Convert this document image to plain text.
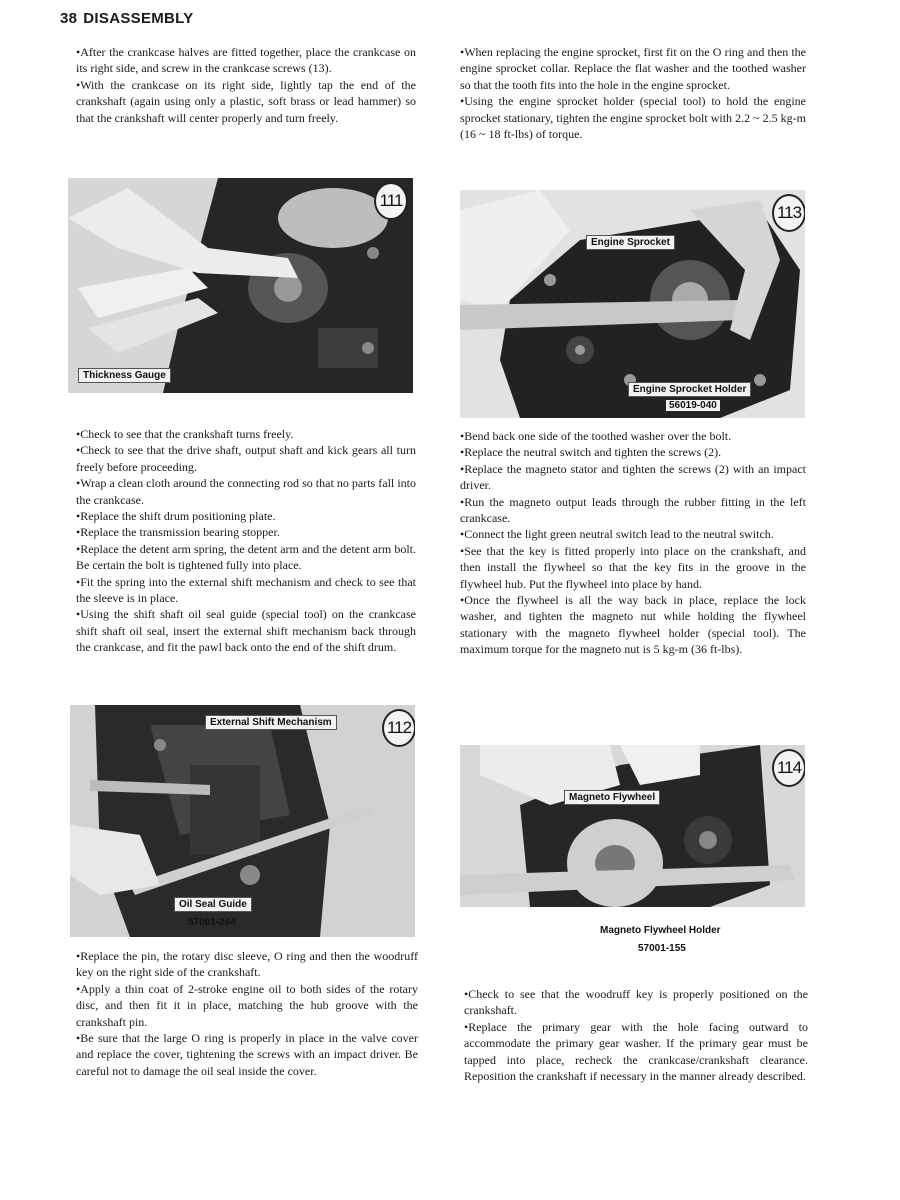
38 DISASSEMBLY

•After the crankcase halves are fitted together, place the crankcase on its right side, and screw in the crankcase screws (13).

•With the crankcase on its right side, lightly tap the end of the crankshaft (again using only a plastic, soft brass or lead hammer) so that the crankshaft will center properly and turn freely.

Thickness Gauge
111

•Check to see that the crankshaft turns freely.

•Check to see that the drive shaft, output shaft and kick gears all turn freely before proceeding.

•Wrap a clean cloth around the connecting rod so that no parts fall into the crankcase.

•Replace the shift drum positioning plate.

•Replace the transmission bearing stopper.

•Replace the detent arm spring, the detent arm and the detent arm bolt. Be certain the bolt is tightened fully into place.

•Fit the spring into the external shift mechanism and check to see that the sleeve is in place.

•Using the shift shaft oil seal guide (special tool) on the crankcase shift shaft oil seal, insert the external shift mechanism back through the crankcase, and fit the pawl back onto the end of the shift drum.

External Shift Mechanism
Oil Seal Guide
57001-264
112

•Replace the pin, the rotary disc sleeve, O ring and then the woodruff key on the right side of the crankshaft.

•Apply a thin coat of 2-stroke engine oil to both sides of the rotary disc, and then fit it in place, matching the hub groove with the crankshaft pin.

•Be sure that the large O ring is properly in place in the valve cover and replace the cover, tightening the screws with an impact driver. Be careful not to damage the oil seal inside the cover.

•When replacing the engine sprocket, first fit on the O ring and then the engine sprocket collar. Replace the flat washer and the toothed washer so that the tooth fits into the hole in the engine sprocket.

•Using the engine sprocket holder (special tool) to hold the engine sprocket stationary, tighten the engine sprocket bolt with 2.2 ~ 2.5 kg-m (16 ~ 18 ft-lbs) of torque.

Engine Sprocket
Engine Sprocket Holder
56019-040
113

•Bend back one side of the toothed washer over the bolt.

•Replace the neutral switch and tighten the screws (2).

•Replace the magneto stator and tighten the screws (2) with an impact driver.

•Run the magneto output leads through the rubber fitting in the left crankcase.

•Connect the light green neutral switch lead to the neutral switch.

•See that the key is fitted properly into place on the crankshaft, and then install the flywheel so that the key fits in the groove in the flywheel hub. Put the flywheel into place by hand.

•Once the flywheel is all the way back in place, replace the lock washer, and tighten the magneto nut while holding the flywheel stationary with the magneto flywheel holder (special tool). The maximum torque for the magneto nut is 5 kg-m (36 ft-lbs).

Magneto Flywheel
Magneto Flywheel Holder
57001-155
114

•Check to see that the woodruff key is properly positioned on the crankshaft.

•Replace the primary gear with the hole facing outward to accommodate the primary gear washer. If the primary gear must be tapped into place, recheck the crankcase/crankshaft clearance. Reposition the crankshaft if necessary in the manner already described.
